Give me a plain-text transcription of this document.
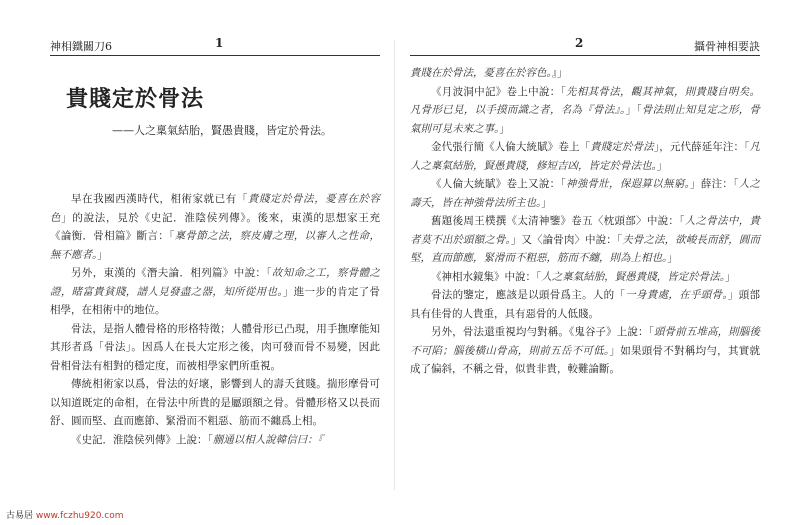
神相鐵關刀6	1
貴賤定於骨法
——人之稟氣結胎，賢愚貴賤，皆定於骨法。

早在我國西漢時代，相術家就已有「貴賤定於骨法，憂喜在於容色」的說法，見於《史記．淮陰侯列傳》。後來，東漢的思想家王充《論衡．骨相篇》斷言：「稟骨節之法，察皮膚之理，以審人之性命，無不應者。」

另外，東漢的《潛夫論．相列篇》中說：「故知命之工，察骨體之證，睹富貴貧賤，譜人見發盡之器，知所從用也。」進一步的肯定了骨相學，在相術中的地位。

骨法，是指人體骨格的形格特徵；人體骨形已凸現，用手撫摩能知其形者爲「骨法」。因爲人在長大定形之後，肉可發而骨不易變，因此骨相骨法有相對的穩定度，而被相學家們所重視。

傳統相術家以爲，骨法的好壞，影響到人的壽夭貧賤。揣形摩骨可以知道既定的命相，在骨法中所貴的是屬頭額之骨。骨體形格又以長而舒、圓而堅、直而應節、緊滑而不粗惡、筋而不纏爲上相。

《史記．淮陰侯列傳》上說：「蒯通以相人說韓信曰：『

2	攝骨神相要訣

貴賤在於骨法，憂喜在於容色。』」

《月波洞中記》卷上中說：「先相其骨法，觀其神氣，則貴賤自明矣。凡骨形已見，以手摸而識之者，名為『骨法』。」「骨法則止知見定之形，骨氣則可見未來之事。」

金代張行簡《人倫大統賦》卷上「貴賤定於骨法」，元代薛延年注：「凡人之稟氣結胎，賢愚貴賤，修短吉凶，皆定於骨法也。」

《人倫大統賦》卷上又說：「神強骨壯，保遐算以無窮。」薛注：「人之壽夭，皆在神強骨法所主也。」

舊題後周王樸撰《太清神鑒》卷五〈枕頭部〉中說：「人之骨法中，貴者莫不出於頭額之骨。」又〈論骨肉〉中說：「夫骨之法，欲峻長而舒，圓而堅，直而節應，緊滑而不粗惡，筋而不纏，則為上相也。」

《神相水鏡集》中說：「人之稟氣結胎，賢愚貴賤，皆定於骨法。」

骨法的鑒定，應該是以頭骨爲主。人的「一身貴處，在乎頭骨。」頭部具有佳骨的人貴重，具有惡骨的人低賤。

另外，骨法還重視均勻對稱。《鬼谷子》上說：「頭骨前五堆高，則腦後不可陷；腦後橫山骨高，則前五岳不可低。」如果頭骨不對稱均勻，其實就成了偏斜，不稱之骨，似貴非貴，較難論斷。

古易居 www.fczhu920.com
